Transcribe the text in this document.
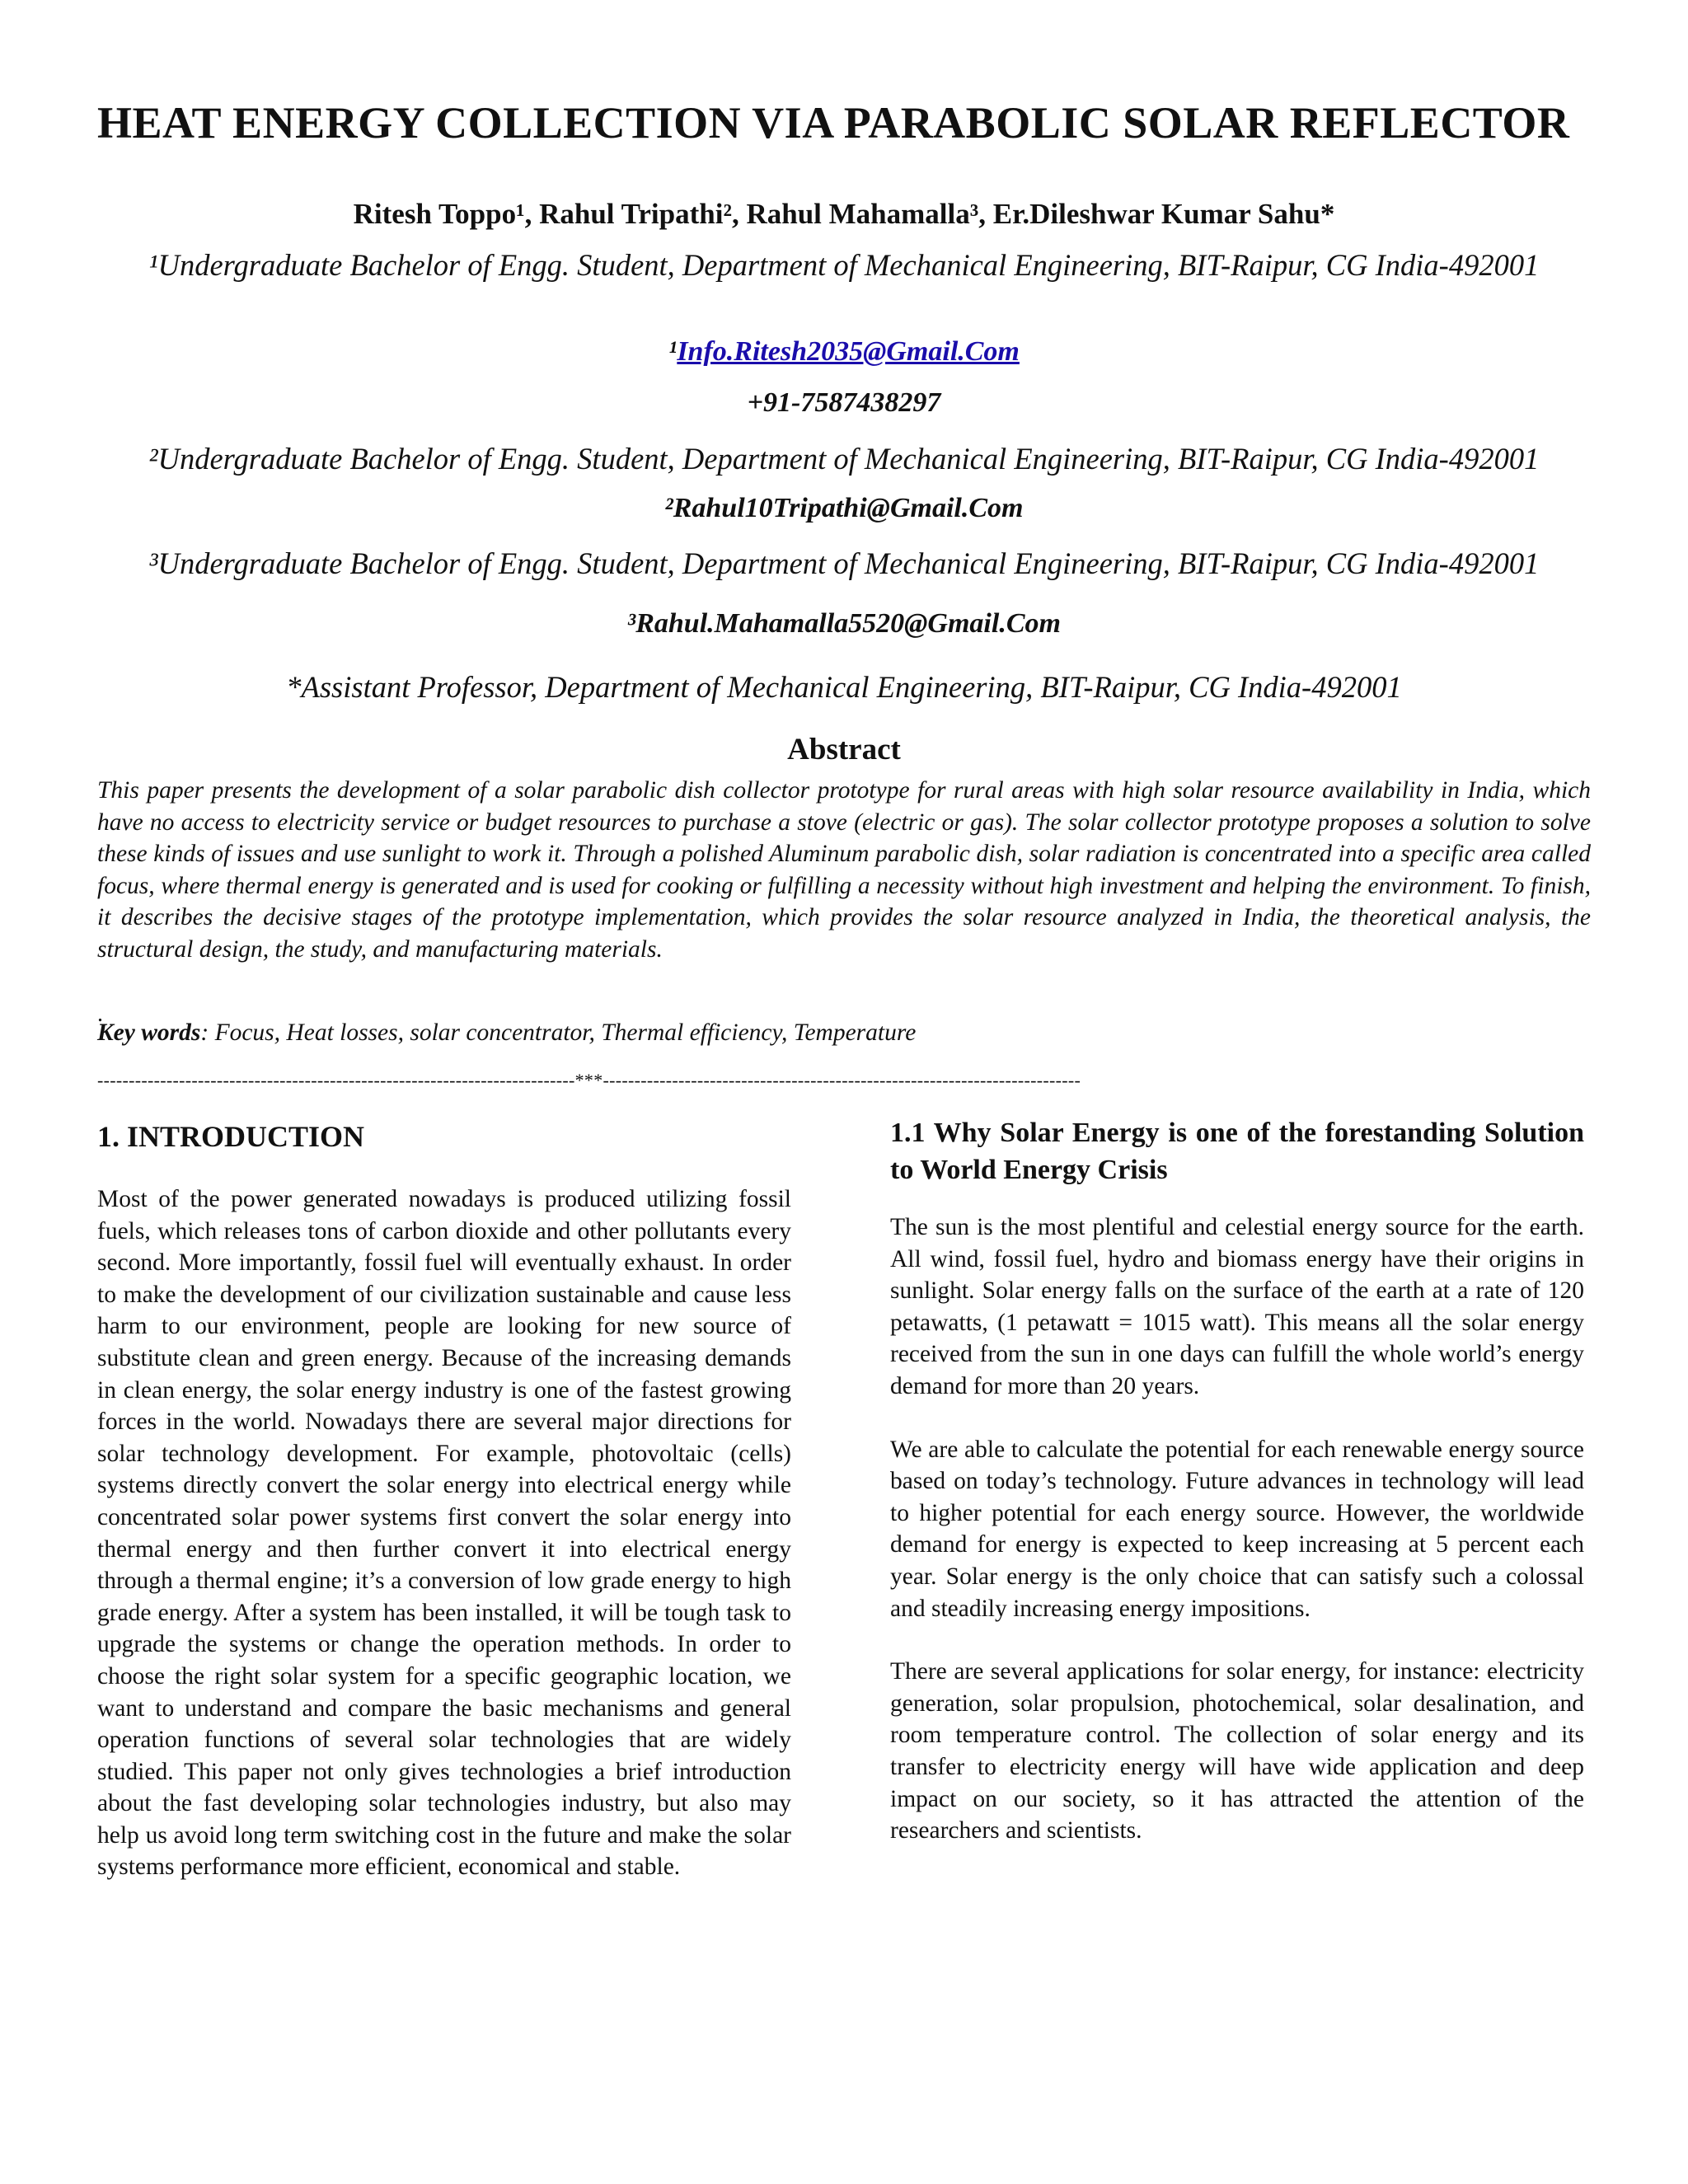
HEAT ENERGY COLLECTION VIA PARABOLIC SOLAR REFLECTOR

Ritesh Toppo¹, Rahul Tripathi², Rahul Mahamalla³, Er.Dileshwar Kumar Sahu*

¹Undergraduate Bachelor of Engg. Student, Department of Mechanical Engineering, BIT-Raipur, CG India-492001

¹Info.Ritesh2035@Gmail.Com

+91-7587438297

²Undergraduate Bachelor of Engg. Student, Department of Mechanical Engineering, BIT-Raipur, CG India-492001

²Rahul10Tripathi@Gmail.Com

³Undergraduate Bachelor of Engg. Student, Department of Mechanical Engineering, BIT-Raipur, CG India-492001

³Rahul.Mahamalla5520@Gmail.Com

*Assistant Professor, Department of Mechanical Engineering, BIT-Raipur, CG India-492001

Abstract

This paper presents the development of a solar parabolic dish collector prototype for rural areas with high solar resource availability in India, which have no access to electricity service or budget resources to purchase a stove (electric or gas). The solar collector prototype proposes a solution to solve these kinds of issues and use sunlight to work it. Through a polished Aluminum parabolic dish, solar radiation is concentrated into a specific area called focus, where thermal energy is generated and is used for cooking or fulfilling a necessity without high investment and helping the environment. To finish, it describes the decisive stages of the prototype implementation, which provides the solar resource analyzed in India, the theoretical analysis, the structural design, the study, and manufacturing materials.

.

Key words: Focus, Heat losses, solar concentrator, Thermal efficiency, Temperature

----------------------------------------------------------------------------***----------------------------------------------------------------------------

1. INTRODUCTION

Most of the power generated nowadays is produced utilizing fossil fuels, which releases tons of carbon dioxide and other pollutants every second. More importantly, fossil fuel will eventually exhaust. In order to make the development of our civilization sustainable and cause less harm to our environment, people are looking for new source of substitute clean and green energy. Because of the increasing demands in clean energy, the solar energy industry is one of the fastest growing forces in the world. Nowadays there are several major directions for solar technology development. For example, photovoltaic (cells) systems directly convert the solar energy into electrical energy while concentrated solar power systems first convert the solar energy into thermal energy and then further convert it into electrical energy through a thermal engine; it’s a conversion of low grade energy to high grade energy. After a system has been installed, it will be tough task to upgrade the systems or change the operation methods. In order to choose the right solar system for a specific geographic location, we want to understand and compare the basic mechanisms and general operation functions of several solar technologies that are widely studied. This paper not only gives technologies a brief introduction about the fast developing solar technologies industry, but also may help us avoid long term switching cost in the future and make the solar systems performance more efficient, economical and stable.

1.1 Why Solar Energy is one of the forestanding Solution to World Energy Crisis

The sun is the most plentiful and celestial energy source for the earth. All wind, fossil fuel, hydro and biomass energy have their origins in sunlight. Solar energy falls on the surface of the earth at a rate of 120 petawatts, (1 petawatt = 1015 watt). This means all the solar energy received from the sun in one days can fulfill the whole world’s energy demand for more than 20 years.

We are able to calculate the potential for each renewable energy source based on today’s technology. Future advances in technology will lead to higher potential for each energy source. However, the worldwide demand for energy is expected to keep increasing at 5 percent each year. Solar energy is the only choice that can satisfy such a colossal and steadily increasing energy impositions.

There are several applications for solar energy, for instance: electricity generation, solar propulsion, photochemical, solar desalination, and room temperature control. The collection of solar energy and its transfer to electricity energy will have wide application and deep impact on our society, so it has attracted the attention of the researchers and scientists.
